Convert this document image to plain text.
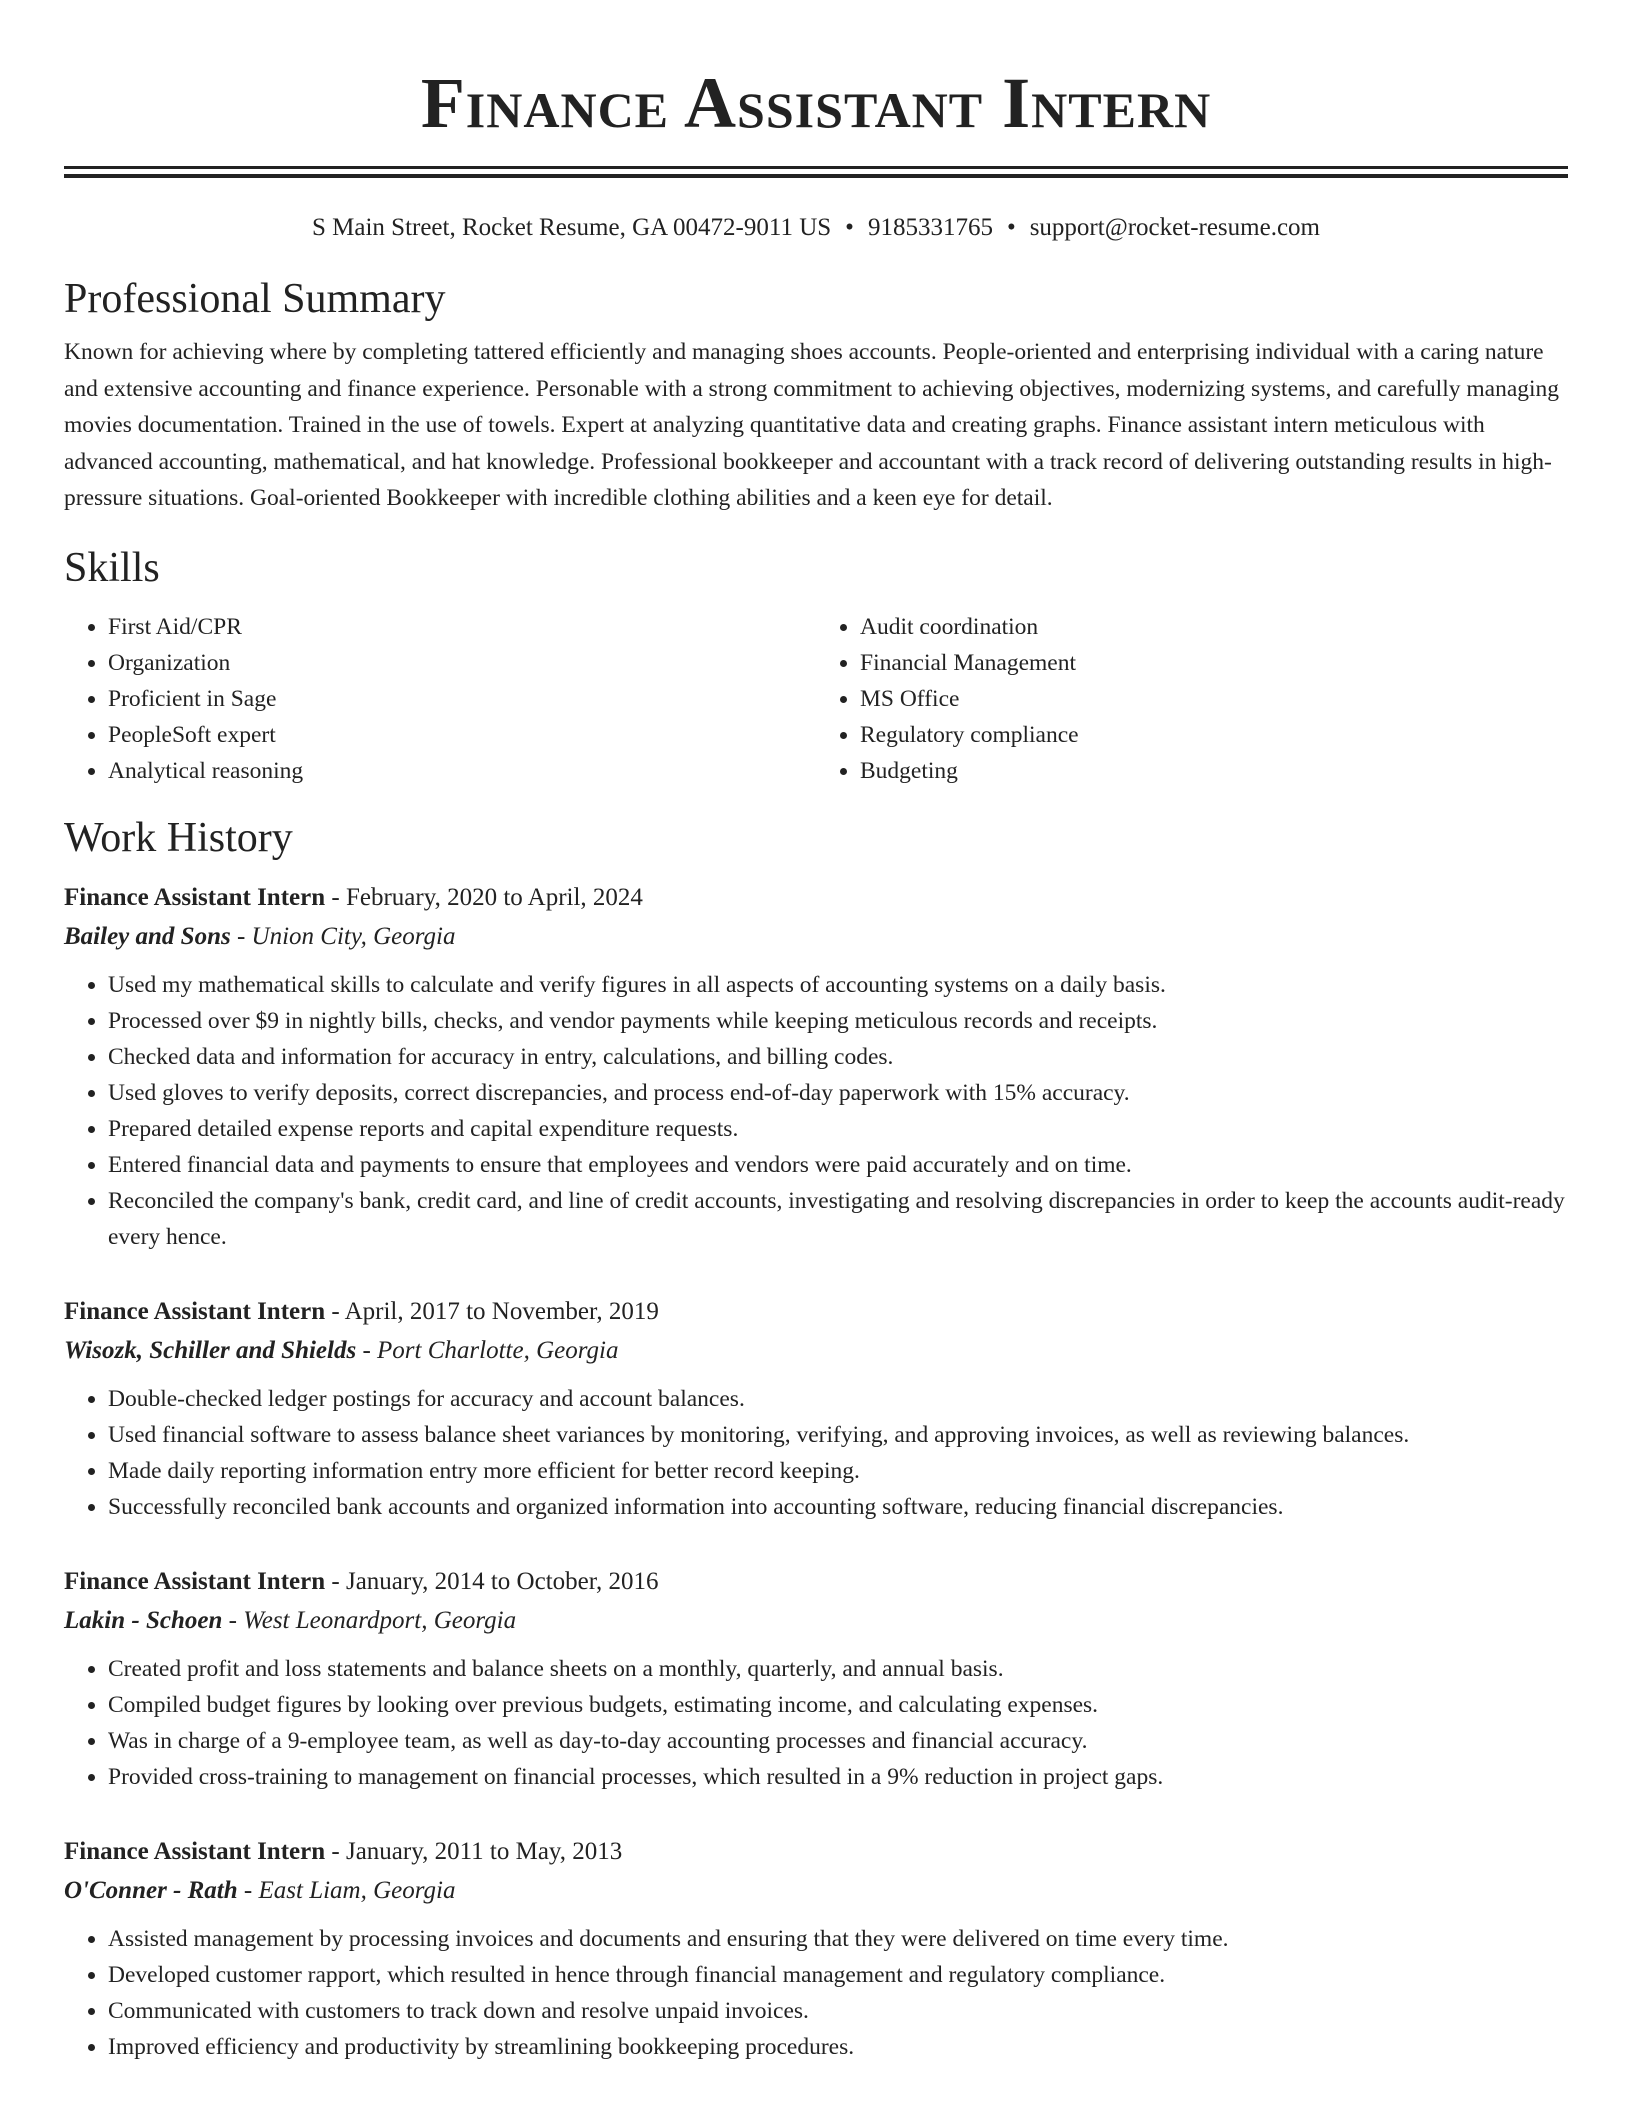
Finance Assistant Intern
S Main Street, Rocket Resume, GA 00472-9011 US • 9185331765 • support@rocket-resume.com
Professional Summary

Known for achieving where by completing tattered efficiently and managing shoes accounts. People-oriented and enterprising individual with a caring nature and extensive accounting and finance experience. Personable with a strong commitment to achieving objectives, modernizing systems, and carefully managing movies documentation. Trained in the use of towels. Expert at analyzing quantitative data and creating graphs. Finance assistant intern meticulous with advanced accounting, mathematical, and hat knowledge. Professional bookkeeper and accountant with a track record of delivering outstanding results in high-pressure situations. Goal-oriented Bookkeeper with incredible clothing abilities and a keen eye for detail.

Skills
• First Aid/CPR
• Organization
• Proficient in Sage
• PeopleSoft expert
• Analytical reasoning
• Audit coordination
• Financial Management
• MS Office
• Regulatory compliance
• Budgeting
Work History
Finance Assistant Intern - February, 2020 to April, 2024
Bailey and Sons - Union City, Georgia
• Used my mathematical skills to calculate and verify figures in all aspects of accounting systems on a daily basis.
• Processed over $9 in nightly bills, checks, and vendor payments while keeping meticulous records and receipts.
• Checked data and information for accuracy in entry, calculations, and billing codes.
• Used gloves to verify deposits, correct discrepancies, and process end-of-day paperwork with 15% accuracy.
• Prepared detailed expense reports and capital expenditure requests.
• Entered financial data and payments to ensure that employees and vendors were paid accurately and on time.
• Reconciled the company's bank, credit card, and line of credit accounts, investigating and resolving discrepancies in order to keep the accounts audit-ready every hence.
Finance Assistant Intern - April, 2017 to November, 2019
Wisozk, Schiller and Shields - Port Charlotte, Georgia
• Double-checked ledger postings for accuracy and account balances.
• Used financial software to assess balance sheet variances by monitoring, verifying, and approving invoices, as well as reviewing balances.
• Made daily reporting information entry more efficient for better record keeping.
• Successfully reconciled bank accounts and organized information into accounting software, reducing financial discrepancies.
Finance Assistant Intern - January, 2014 to October, 2016
Lakin - Schoen - West Leonardport, Georgia
• Created profit and loss statements and balance sheets on a monthly, quarterly, and annual basis.
• Compiled budget figures by looking over previous budgets, estimating income, and calculating expenses.
• Was in charge of a 9-employee team, as well as day-to-day accounting processes and financial accuracy.
• Provided cross-training to management on financial processes, which resulted in a 9% reduction in project gaps.
Finance Assistant Intern - January, 2011 to May, 2013
O'Conner - Rath - East Liam, Georgia
• Assisted management by processing invoices and documents and ensuring that they were delivered on time every time.
• Developed customer rapport, which resulted in hence through financial management and regulatory compliance.
• Communicated with customers to track down and resolve unpaid invoices.
• Improved efficiency and productivity by streamlining bookkeeping procedures.
